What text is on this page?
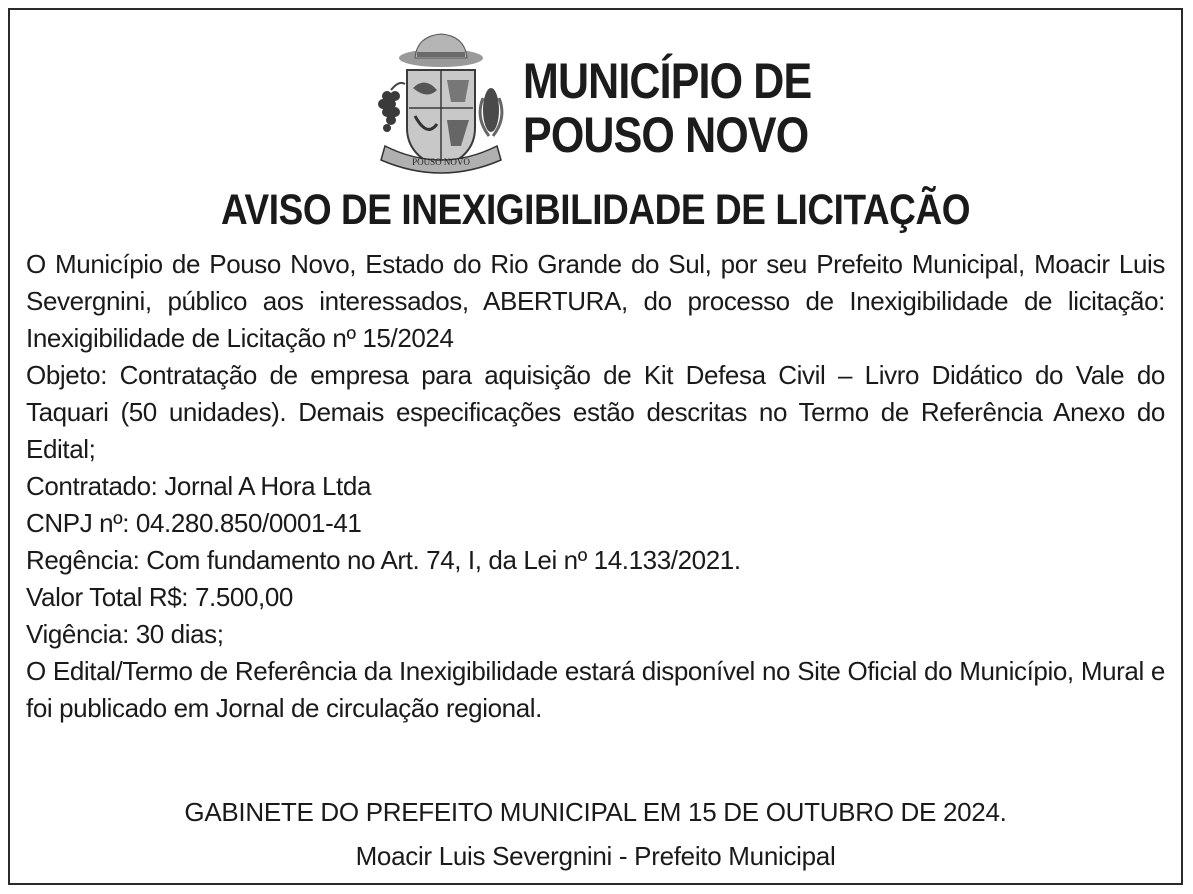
POUSO NOVO
MUNICÍPIO DE
POUSO NOVO
AVISO DE INEXIGIBILIDADE DE LICITAÇÃO

O Município de Pouso Novo, Estado do Rio Grande do Sul, por seu Prefeito Municipal, Moacir Luis Severgnini, público aos interessados, ABERTURA, do processo de Inexigibilidade de licitação: Inexigibilidade de Licitação nº 15/2024

Objeto: Contratação de empresa para aquisição de Kit Defesa Civil – Livro Didático do Vale do Taquari (50 unidades). Demais especificações estão descritas no Termo de Referência Anexo do Edital;

Contratado: Jornal A Hora Ltda

CNPJ nº: 04.280.850/0001-41

Regência: Com fundamento no Art. 74, I, da Lei nº 14.133/2021.

Valor Total R$: 7.500,00

Vigência: 30 dias;

O Edital/Termo de Referência da Inexigibilidade estará disponível no Site Oficial do Município, Mural e foi publicado em Jornal de circulação regional.

GABINETE DO PREFEITO MUNICIPAL EM 15 DE OUTUBRO DE 2024.
Moacir Luis Severgnini - Prefeito Municipal
